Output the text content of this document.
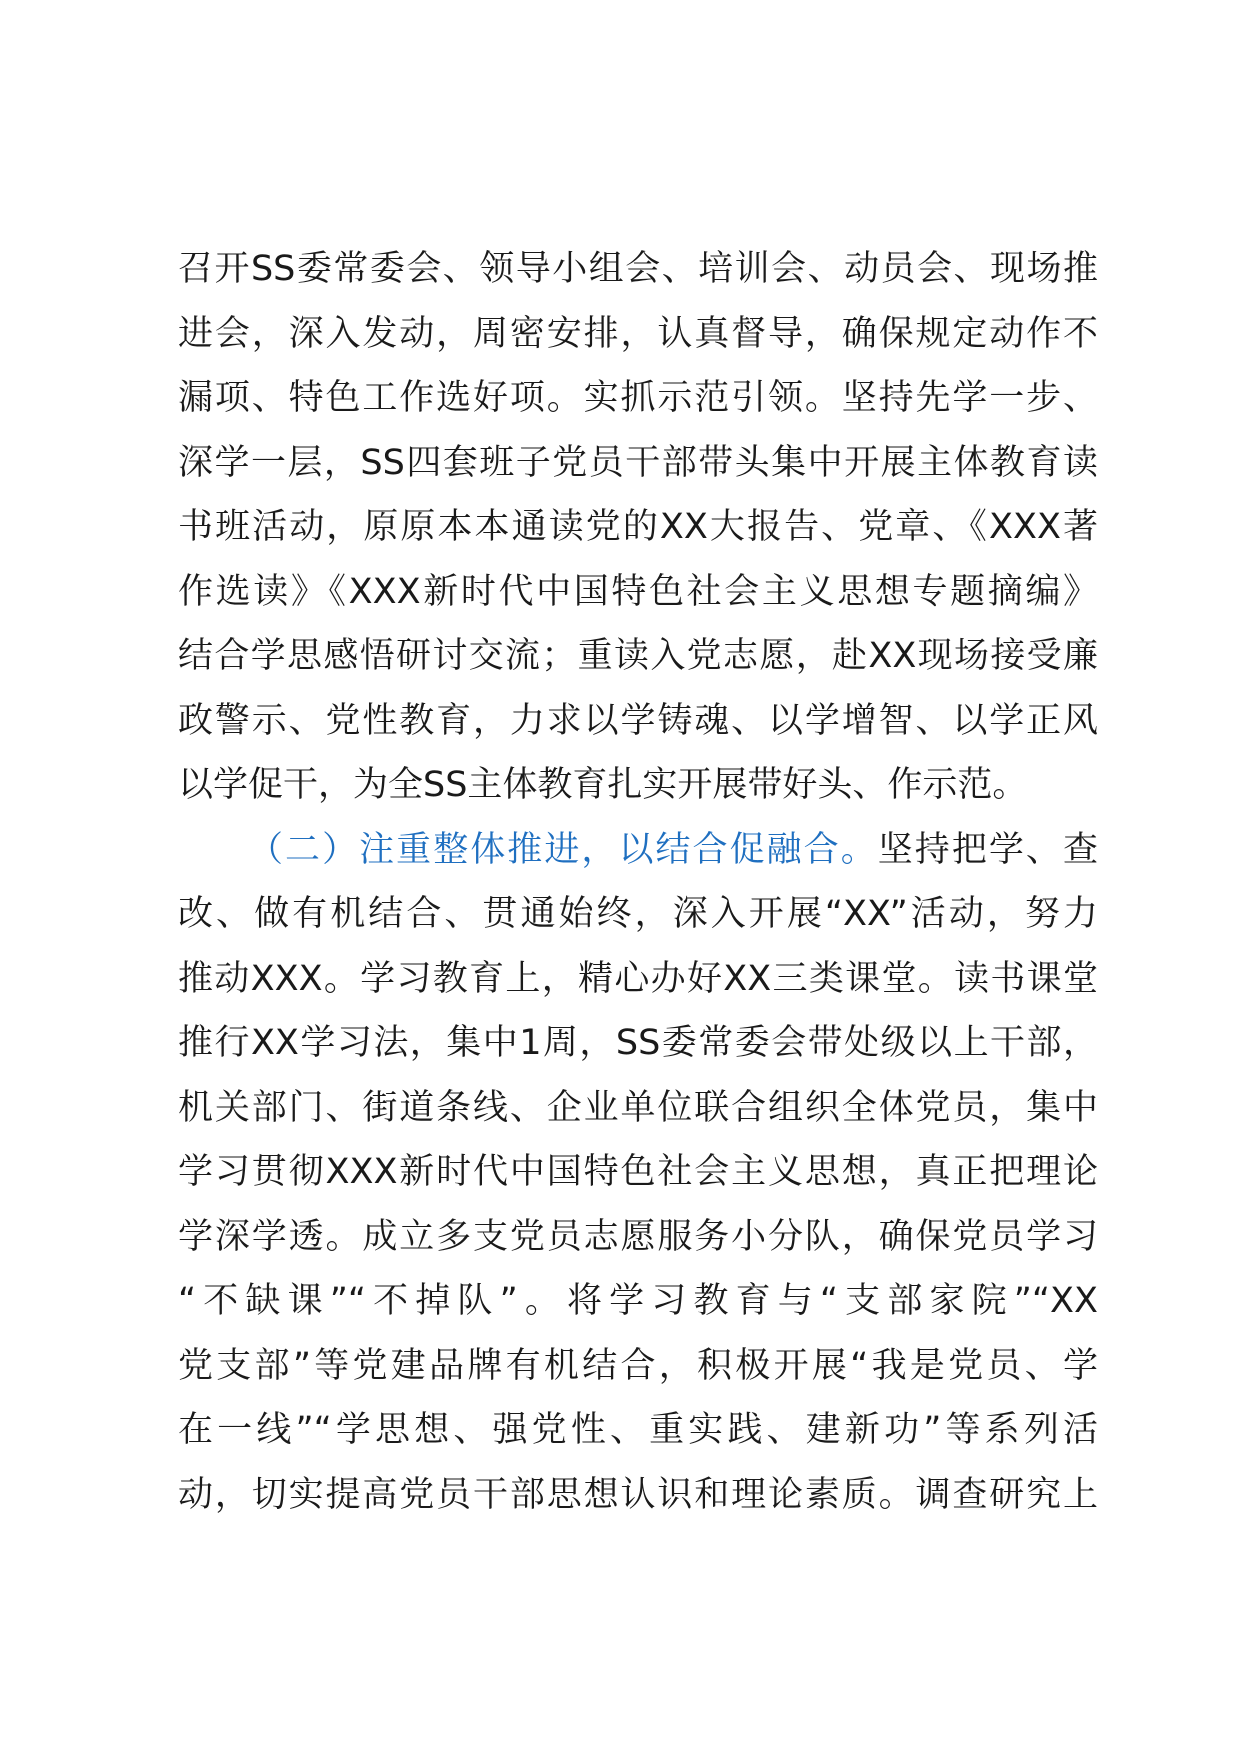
召开SS委常委会、领导小组会、培训会、动员会、现场推
进会，深入发动，周密安排，认真督导，确保规定动作不
漏项、特色工作选好项。实抓示范引领。坚持先学一步、
深学一层，SS四套班子党员干部带头集中开展主体教育读
书班活动，原原本本通读党的XX大报告、党章、《XXX著
作选读》《XXX新时代中国特色社会主义思想专题摘编》
结合学思感悟研讨交流；重读入党志愿，赴XX现场接受廉
政警示、党性教育，力求以学铸魂、以学增智、以学正风
以学促干，为全SS主体教育扎实开展带好头、作示范。
（二）注重整体推进，以结合促融合。坚持把学、查
改、做有机结合、贯通始终，深入开展“XX”活动，努力
推动XXX。学习教育上，精心办好XX三类课堂。读书课堂
推行XX学习法，集中1周，SS委常委会带处级以上干部，
机关部门、街道条线、企业单位联合组织全体党员，集中
学习贯彻XXX新时代中国特色社会主义思想，真正把理论
学深学透。成立多支党员志愿服务小分队，确保党员学习
“不缺课”“不掉队”。将学习教育与“支部家院”“XX
党支部”等党建品牌有机结合，积极开展“我是党员、学
在一线”“学思想、强党性、重实践、建新功”等系列活
动，切实提高党员干部思想认识和理论素质。调查研究上
